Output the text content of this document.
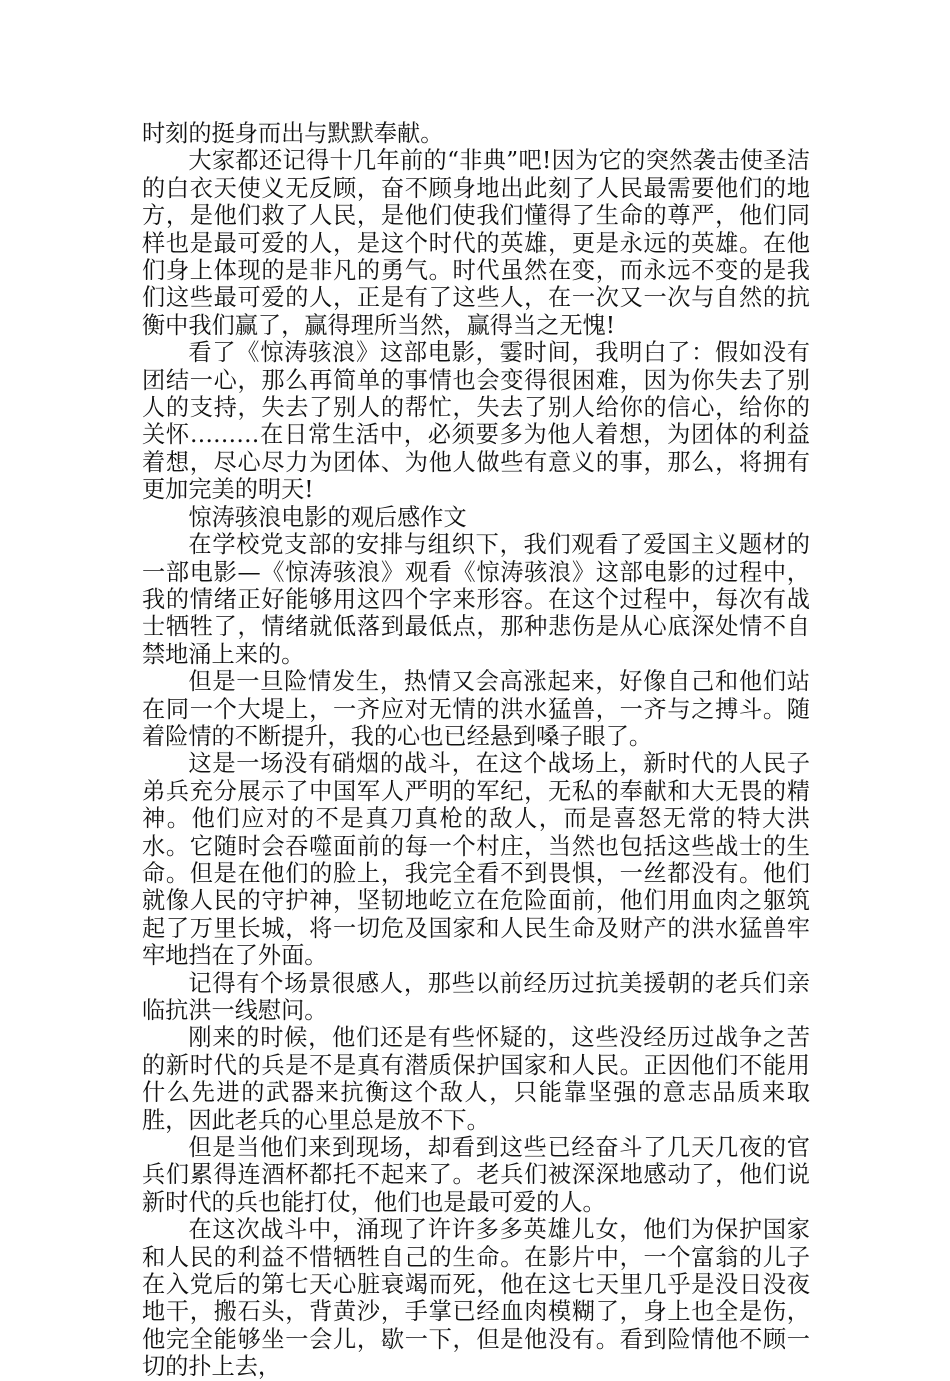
时刻的挺身而出与默默奉献。

大家都还记得十几年前的“非典”吧!因为它的突然袭击使圣洁的白衣天使义无反顾，奋不顾身地出此刻了人民最需要他们的地方，是他们救了人民，是他们使我们懂得了生命的尊严，他们同样也是最可爱的人，是这个时代的英雄，更是永远的英雄。在他们身上体现的是非凡的勇气。时代虽然在变，而永远不变的是我们这些最可爱的人，正是有了这些人，在一次又一次与自然的抗衡中我们赢了，赢得理所当然，赢得当之无愧!

看了《惊涛骇浪》这部电影，霎时间，我明白了：假如没有团结一心，那么再简单的事情也会变得很困难，因为你失去了别人的支持，失去了别人的帮忙，失去了别人给你的信心，给你的关怀………在日常生活中，必须要多为他人着想，为团体的利益着想，尽心尽力为团体、为他人做些有意义的事，那么，将拥有更加完美的明天!

惊涛骇浪电影的观后感作文

在学校党支部的安排与组织下，我们观看了爱国主义题材的一部电影—《惊涛骇浪》观看《惊涛骇浪》这部电影的过程中，我的情绪正好能够用这四个字来形容。在这个过程中，每次有战士牺牲了，情绪就低落到最低点，那种悲伤是从心底深处情不自禁地涌上来的。

但是一旦险情发生，热情又会高涨起来，好像自己和他们站在同一个大堤上，一齐应对无情的洪水猛兽，一齐与之搏斗。随着险情的不断提升，我的心也已经悬到嗓子眼了。

这是一场没有硝烟的战斗，在这个战场上，新时代的人民子弟兵充分展示了中国军人严明的军纪，无私的奉献和大无畏的精神。他们应对的不是真刀真枪的敌人，而是喜怒无常的特大洪水。它随时会吞噬面前的每一个村庄，当然也包括这些战士的生命。但是在他们的脸上，我完全看不到畏惧，一丝都没有。他们就像人民的守护神，坚韧地屹立在危险面前，他们用血肉之躯筑起了万里长城，将一切危及国家和人民生命及财产的洪水猛兽牢牢地挡在了外面。

记得有个场景很感人，那些以前经历过抗美援朝的老兵们亲临抗洪一线慰问。

刚来的时候，他们还是有些怀疑的，这些没经历过战争之苦的新时代的兵是不是真有潜质保护国家和人民。正因他们不能用什么先进的武器来抗衡这个敌人，只能靠坚强的意志品质来取胜，因此老兵的心里总是放不下。

但是当他们来到现场，却看到这些已经奋斗了几天几夜的官兵们累得连酒杯都托不起来了。老兵们被深深地感动了，他们说新时代的兵也能打仗，他们也是最可爱的人。

在这次战斗中，涌现了许许多多英雄儿女，他们为保护国家和人民的利益不惜牺牲自己的生命。在影片中，一个富翁的儿子在入党后的第七天心脏衰竭而死，他在这七天里几乎是没日没夜地干，搬石头，背黄沙，手掌已经血肉模糊了，身上也全是伤，他完全能够坐一会儿，歇一下，但是他没有。看到险情他不顾一切的扑上去，
